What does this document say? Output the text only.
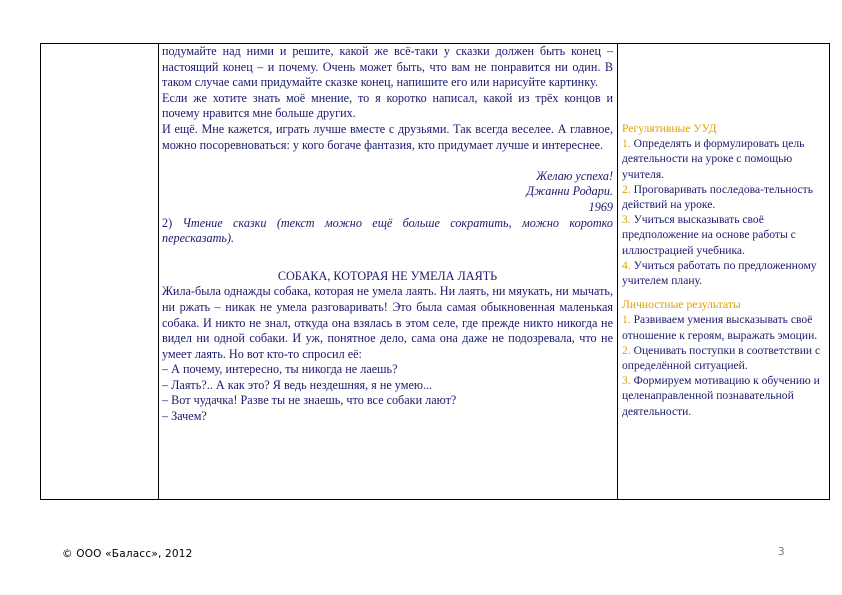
подумайте над ними и решите, какой же всё-таки у сказки должен быть конец – настоящий конец – и почему. Очень может быть, что вам не понравится ни один. В таком случае сами придумайте сказке конец, напишите его или нарисуйте картинку.

Если же хотите знать моё мнение, то я коротко написал, какой из трёх концов и почему нравится мне больше других.

И ещё. Мне кажется, играть лучше вместе с друзьями. Так всегда веселее. А главное, можно посоревноваться: у кого богаче фантазия, кто придумает лучше и интереснее.

Желаю успеха!

Джанни Родари.

1969

2) Чтение сказки (текст можно ещё больше сократить, можно коротко пересказать).

СОБАКА, КОТОРАЯ НЕ УМЕЛА ЛАЯТЬ

Жила-была однажды собака, которая не умела лаять. Ни лаять, ни мяукать, ни мычать, ни ржать – никак не умела разговаривать! Это была самая обыкновенная маленькая собака. И никто не знал, откуда она взялась в этом селе, где прежде никто никогда не видел ни одной собаки. И уж, понятное дело, сама она даже не подозревала, что не умеет лаять. Но вот кто-то спросил её:

– А почему, интересно, ты никогда не лаешь?

– Лаять?.. А как это? Я ведь нездешняя, я не умею...

– Вот чудачка! Разве ты не знаешь, что все собаки лают?

– Зачем?

Регулятивные УУД

1. Определять и формулировать цель деятельности на уроке с помощью учителя.

2. Проговаривать последова-тельность действий на уроке.

3. Учиться высказывать своё предположение на основе работы с иллюстрацией учебника.

4. Учиться работать по предложенному учителем плану.

Личностные результаты

1. Развиваем умения высказывать своё отношение к героям, выражать эмоции.

2. Оценивать поступки в соответствии с определённой ситуацией.

3. Формируем мотивацию к обучению и целенаправленной познавательной деятельности.

© ООО «Баласс», 2012	3
